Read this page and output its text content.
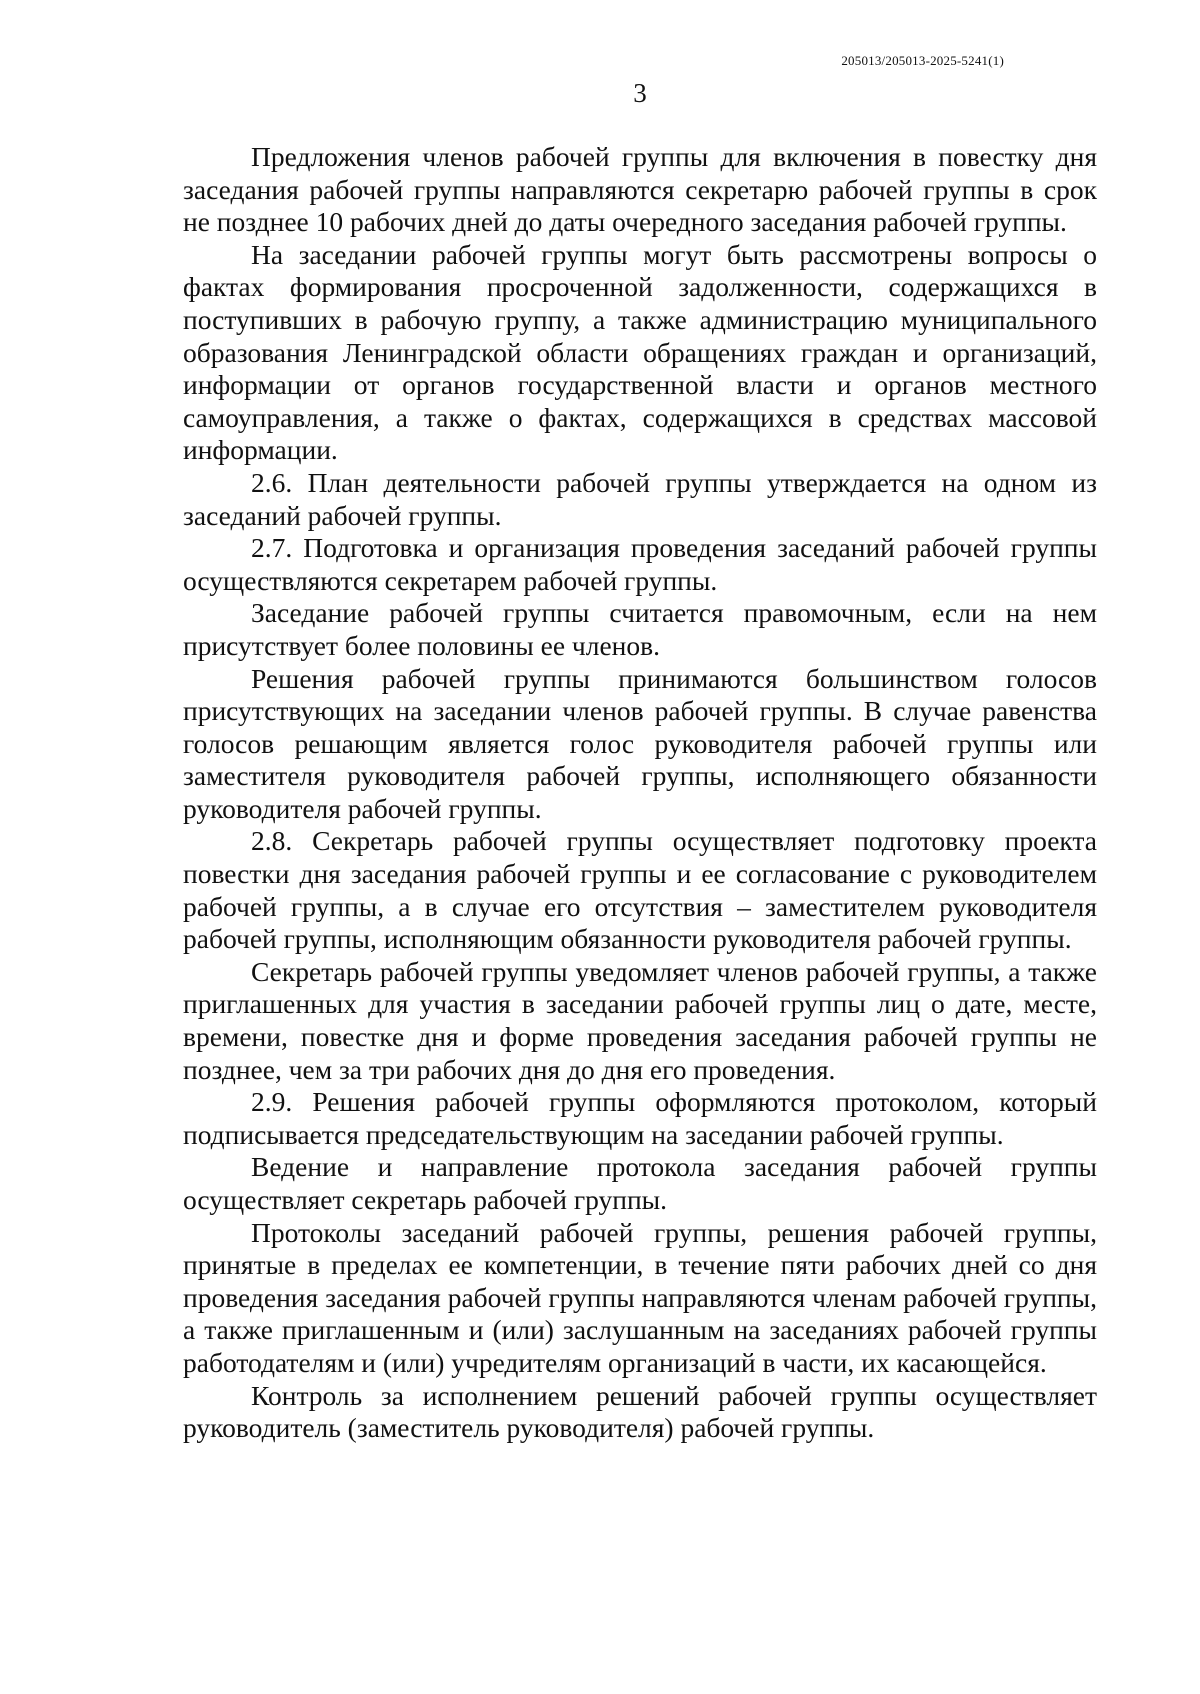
205013/205013-2025-5241(1)
3

Предложения членов рабочей группы для включения в повестку дня заседания рабочей группы направляются секретарю рабочей группы в срок не позднее 10 рабочих дней до даты очередного заседания рабочей группы.

На заседании рабочей группы могут быть рассмотрены вопросы о фактах формирования просроченной задолженности, содержащихся в поступивших в рабочую группу, а также администрацию муниципального образования Ленинградской области обращениях граждан и организаций, информации от органов государственной власти и органов местного самоуправления, а также о фактах, содержащихся в средствах массовой информации.

2.6. План деятельности рабочей группы утверждается на одном из заседаний рабочей группы.

2.7. Подготовка и организация проведения заседаний рабочей группы осуществляются секретарем рабочей группы.

Заседание рабочей группы считается правомочным, если на нем присутствует более половины ее членов.

Решения рабочей группы принимаются большинством голосов присутствующих на заседании членов рабочей группы. В случае равенства голосов решающим является голос руководителя рабочей группы или заместителя руководителя рабочей группы, исполняющего обязанности руководителя рабочей группы.

2.8. Секретарь рабочей группы осуществляет подготовку проекта повестки дня заседания рабочей группы и ее согласование с руководителем рабочей группы, а в случае его отсутствия – заместителем руководителя рабочей группы, исполняющим обязанности руководителя рабочей группы.

Секретарь рабочей группы уведомляет членов рабочей группы, а также приглашенных для участия в заседании рабочей группы лиц о дате, месте, времени, повестке дня и форме проведения заседания рабочей группы не позднее, чем за три рабочих дня до дня его проведения.

2.9. Решения рабочей группы оформляются протоколом, который подписывается председательствующим на заседании рабочей группы.

Ведение и направление протокола заседания рабочей группы осуществляет секретарь рабочей группы.

Протоколы заседаний рабочей группы, решения рабочей группы, принятые в пределах ее компетенции, в течение пяти рабочих дней со дня проведения заседания рабочей группы направляются членам рабочей группы, а также приглашенным и (или) заслушанным на заседаниях рабочей группы работодателям и (или) учредителям организаций в части, их касающейся.

Контроль за исполнением решений рабочей группы осуществляет руководитель (заместитель руководителя) рабочей группы.
